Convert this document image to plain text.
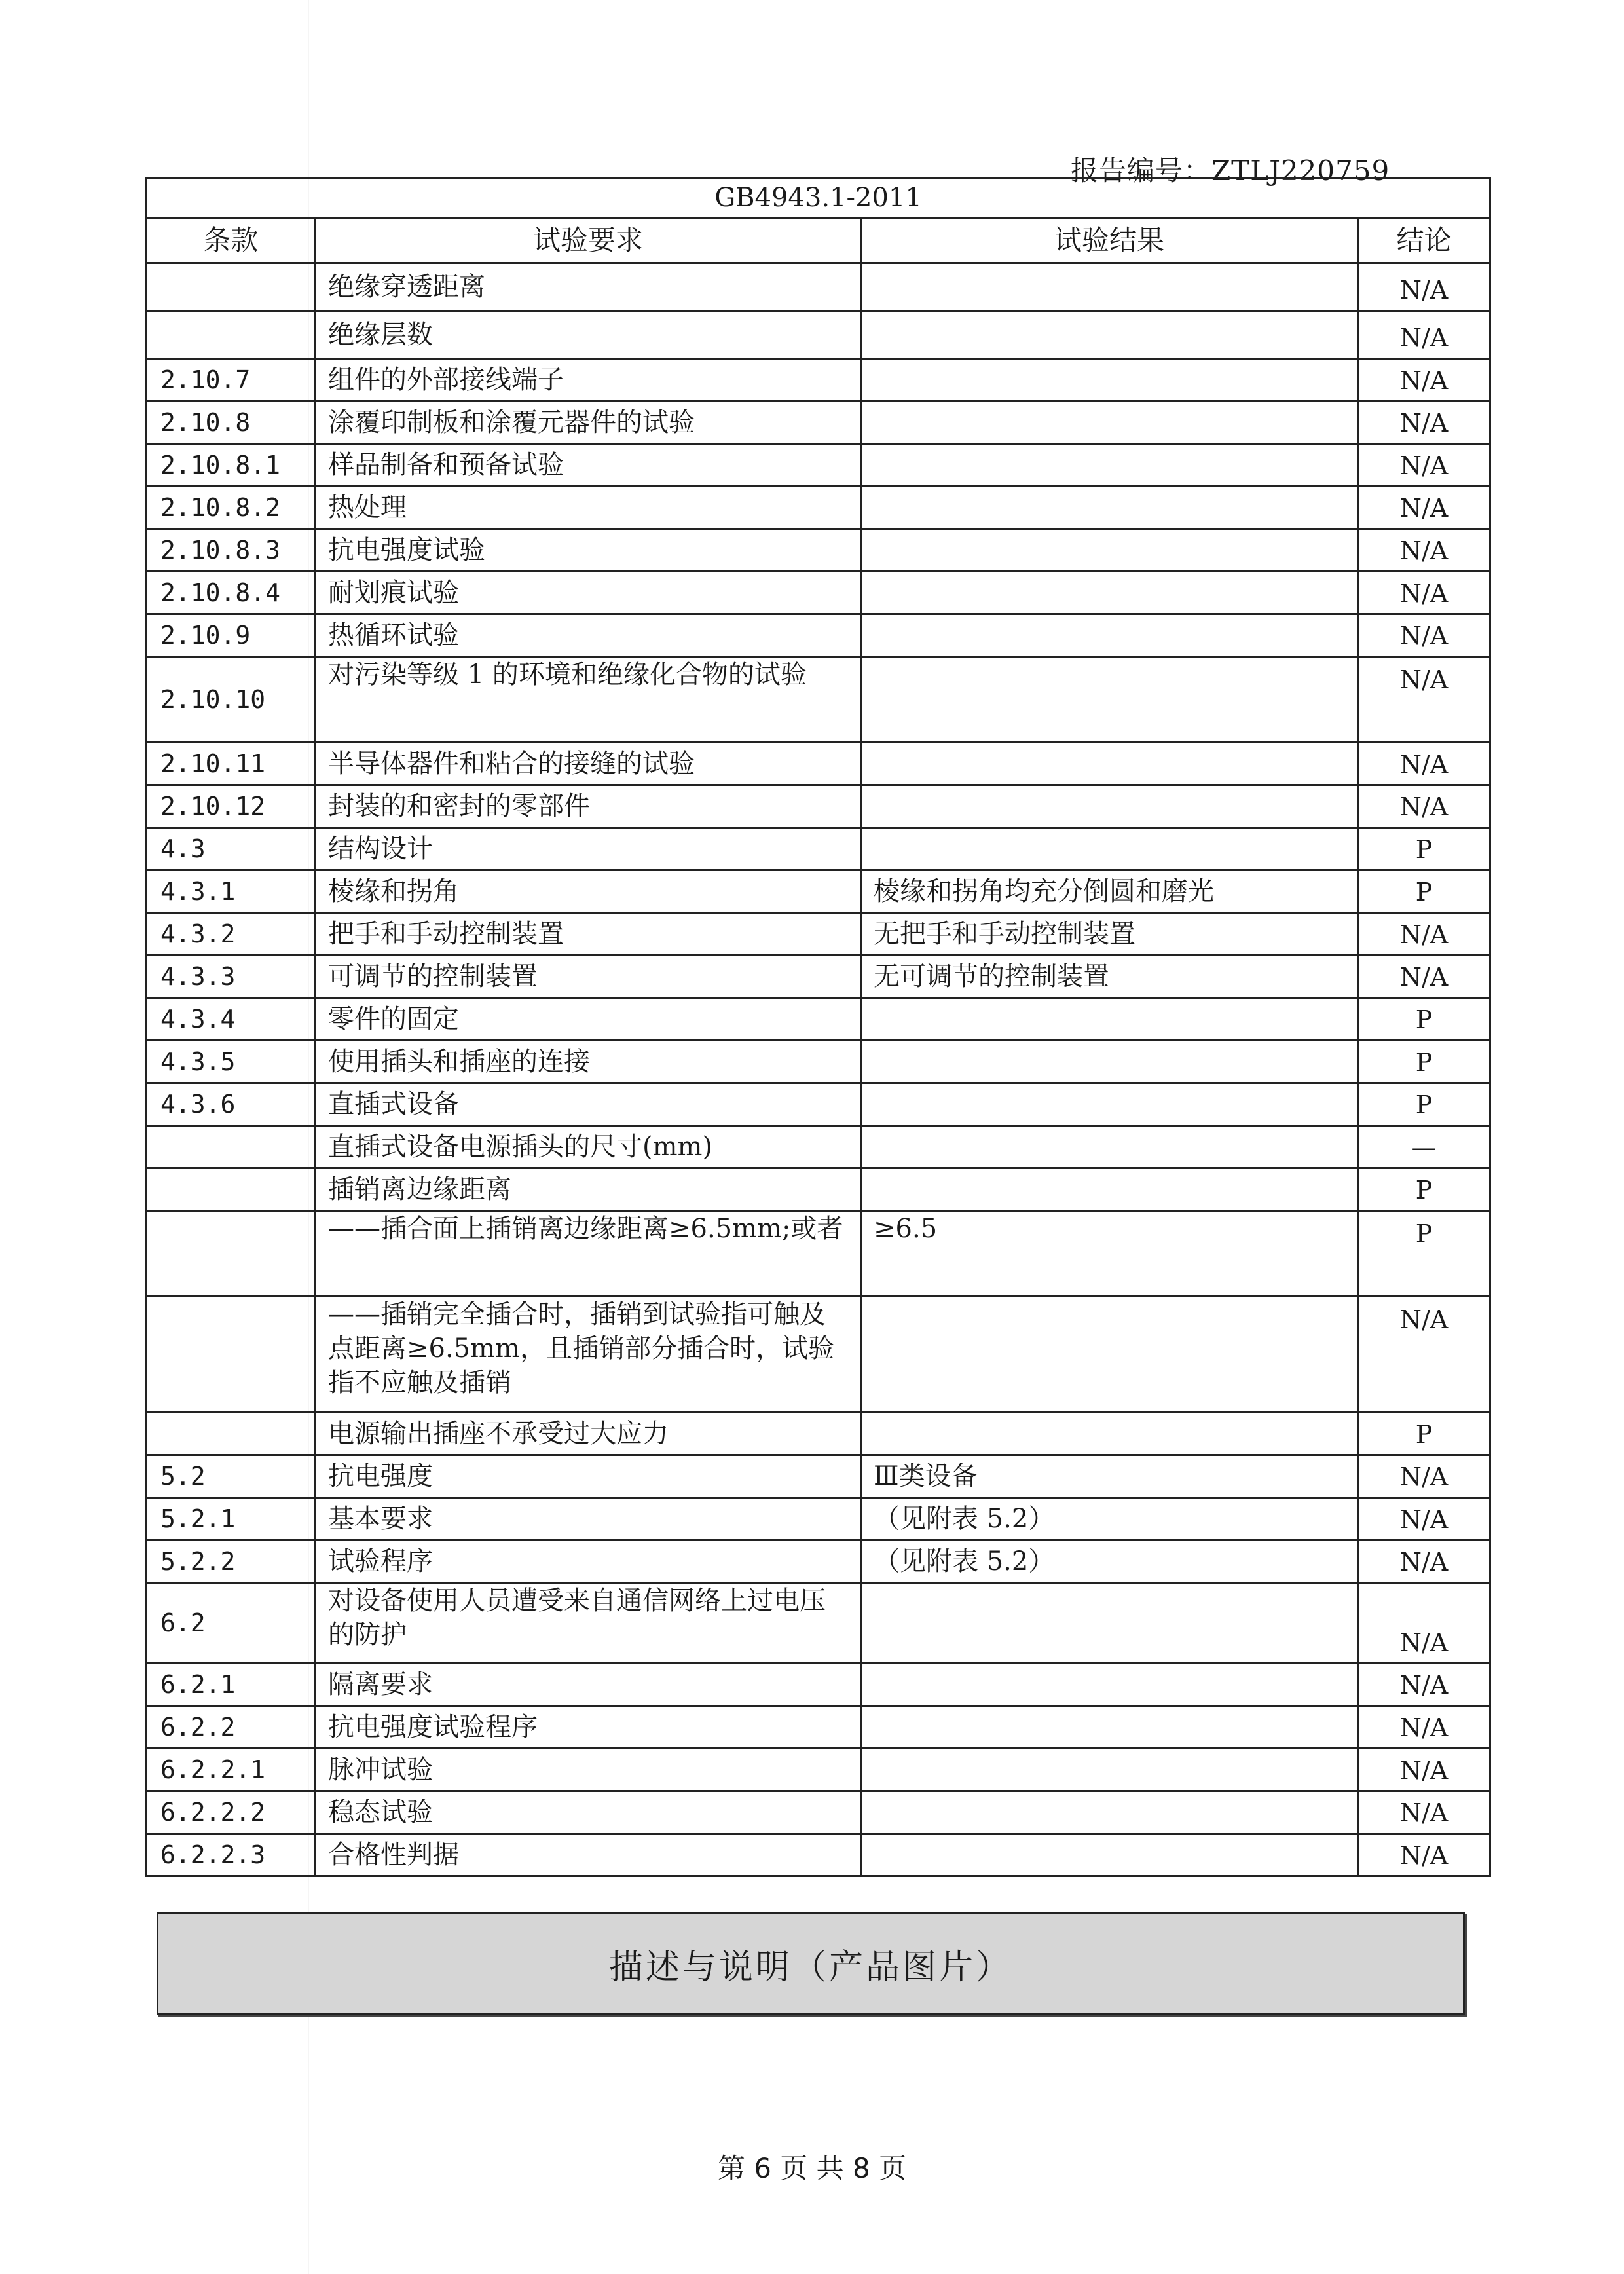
报告编号：ZTLJ220759
GB4943.1-2011			
条款	试验要求	试验结果	结论
	绝缘穿透距离		N/A
	绝缘层数		N/A
2.10.7	组件的外部接线端子		N/A
2.10.8	涂覆印制板和涂覆元器件的试验		N/A
2.10.8.1	样品制备和预备试验		N/A
2.10.8.2	热处理		N/A
2.10.8.3	抗电强度试验		N/A
2.10.8.4	耐划痕试验		N/A
2.10.9	热循环试验		N/A
2.10.10	对污染等级 1 的环境和绝缘化合物的试验		N/A
2.10.11	半导体器件和粘合的接缝的试验		N/A
2.10.12	封装的和密封的零部件		N/A
4.3	结构设计		P
4.3.1	棱缘和拐角	棱缘和拐角均充分倒圆和磨光	P
4.3.2	把手和手动控制装置	无把手和手动控制装置	N/A
4.3.3	可调节的控制装置	无可调节的控制装置	N/A
4.3.4	零件的固定		P
4.3.5	使用插头和插座的连接		P
4.3.6	直插式设备		P
	直插式设备电源插头的尺寸(mm)		—
	插销离边缘距离		P
	——插合面上插销离边缘距离≥6.5mm;或者	≥6.5	P
	——插销完全插合时，插销到试验指可触及点距离≥6.5mm，且插销部分插合时，试验指不应触及插销		N/A
	电源输出插座不承受过大应力		P
5.2	抗电强度	Ⅲ类设备	N/A
5.2.1	基本要求	（见附表 5.2）	N/A
5.2.2	试验程序	（见附表 5.2）	N/A
6.2	对设备使用人员遭受来自通信网络上过电压的防护		N/A
6.2.1	隔离要求		N/A
6.2.2	抗电强度试验程序		N/A
6.2.2.1	脉冲试验		N/A
6.2.2.2	稳态试验		N/A
6.2.2.3	合格性判据		N/A
描述与说明（产品图片）
第 6 页 共 8 页
